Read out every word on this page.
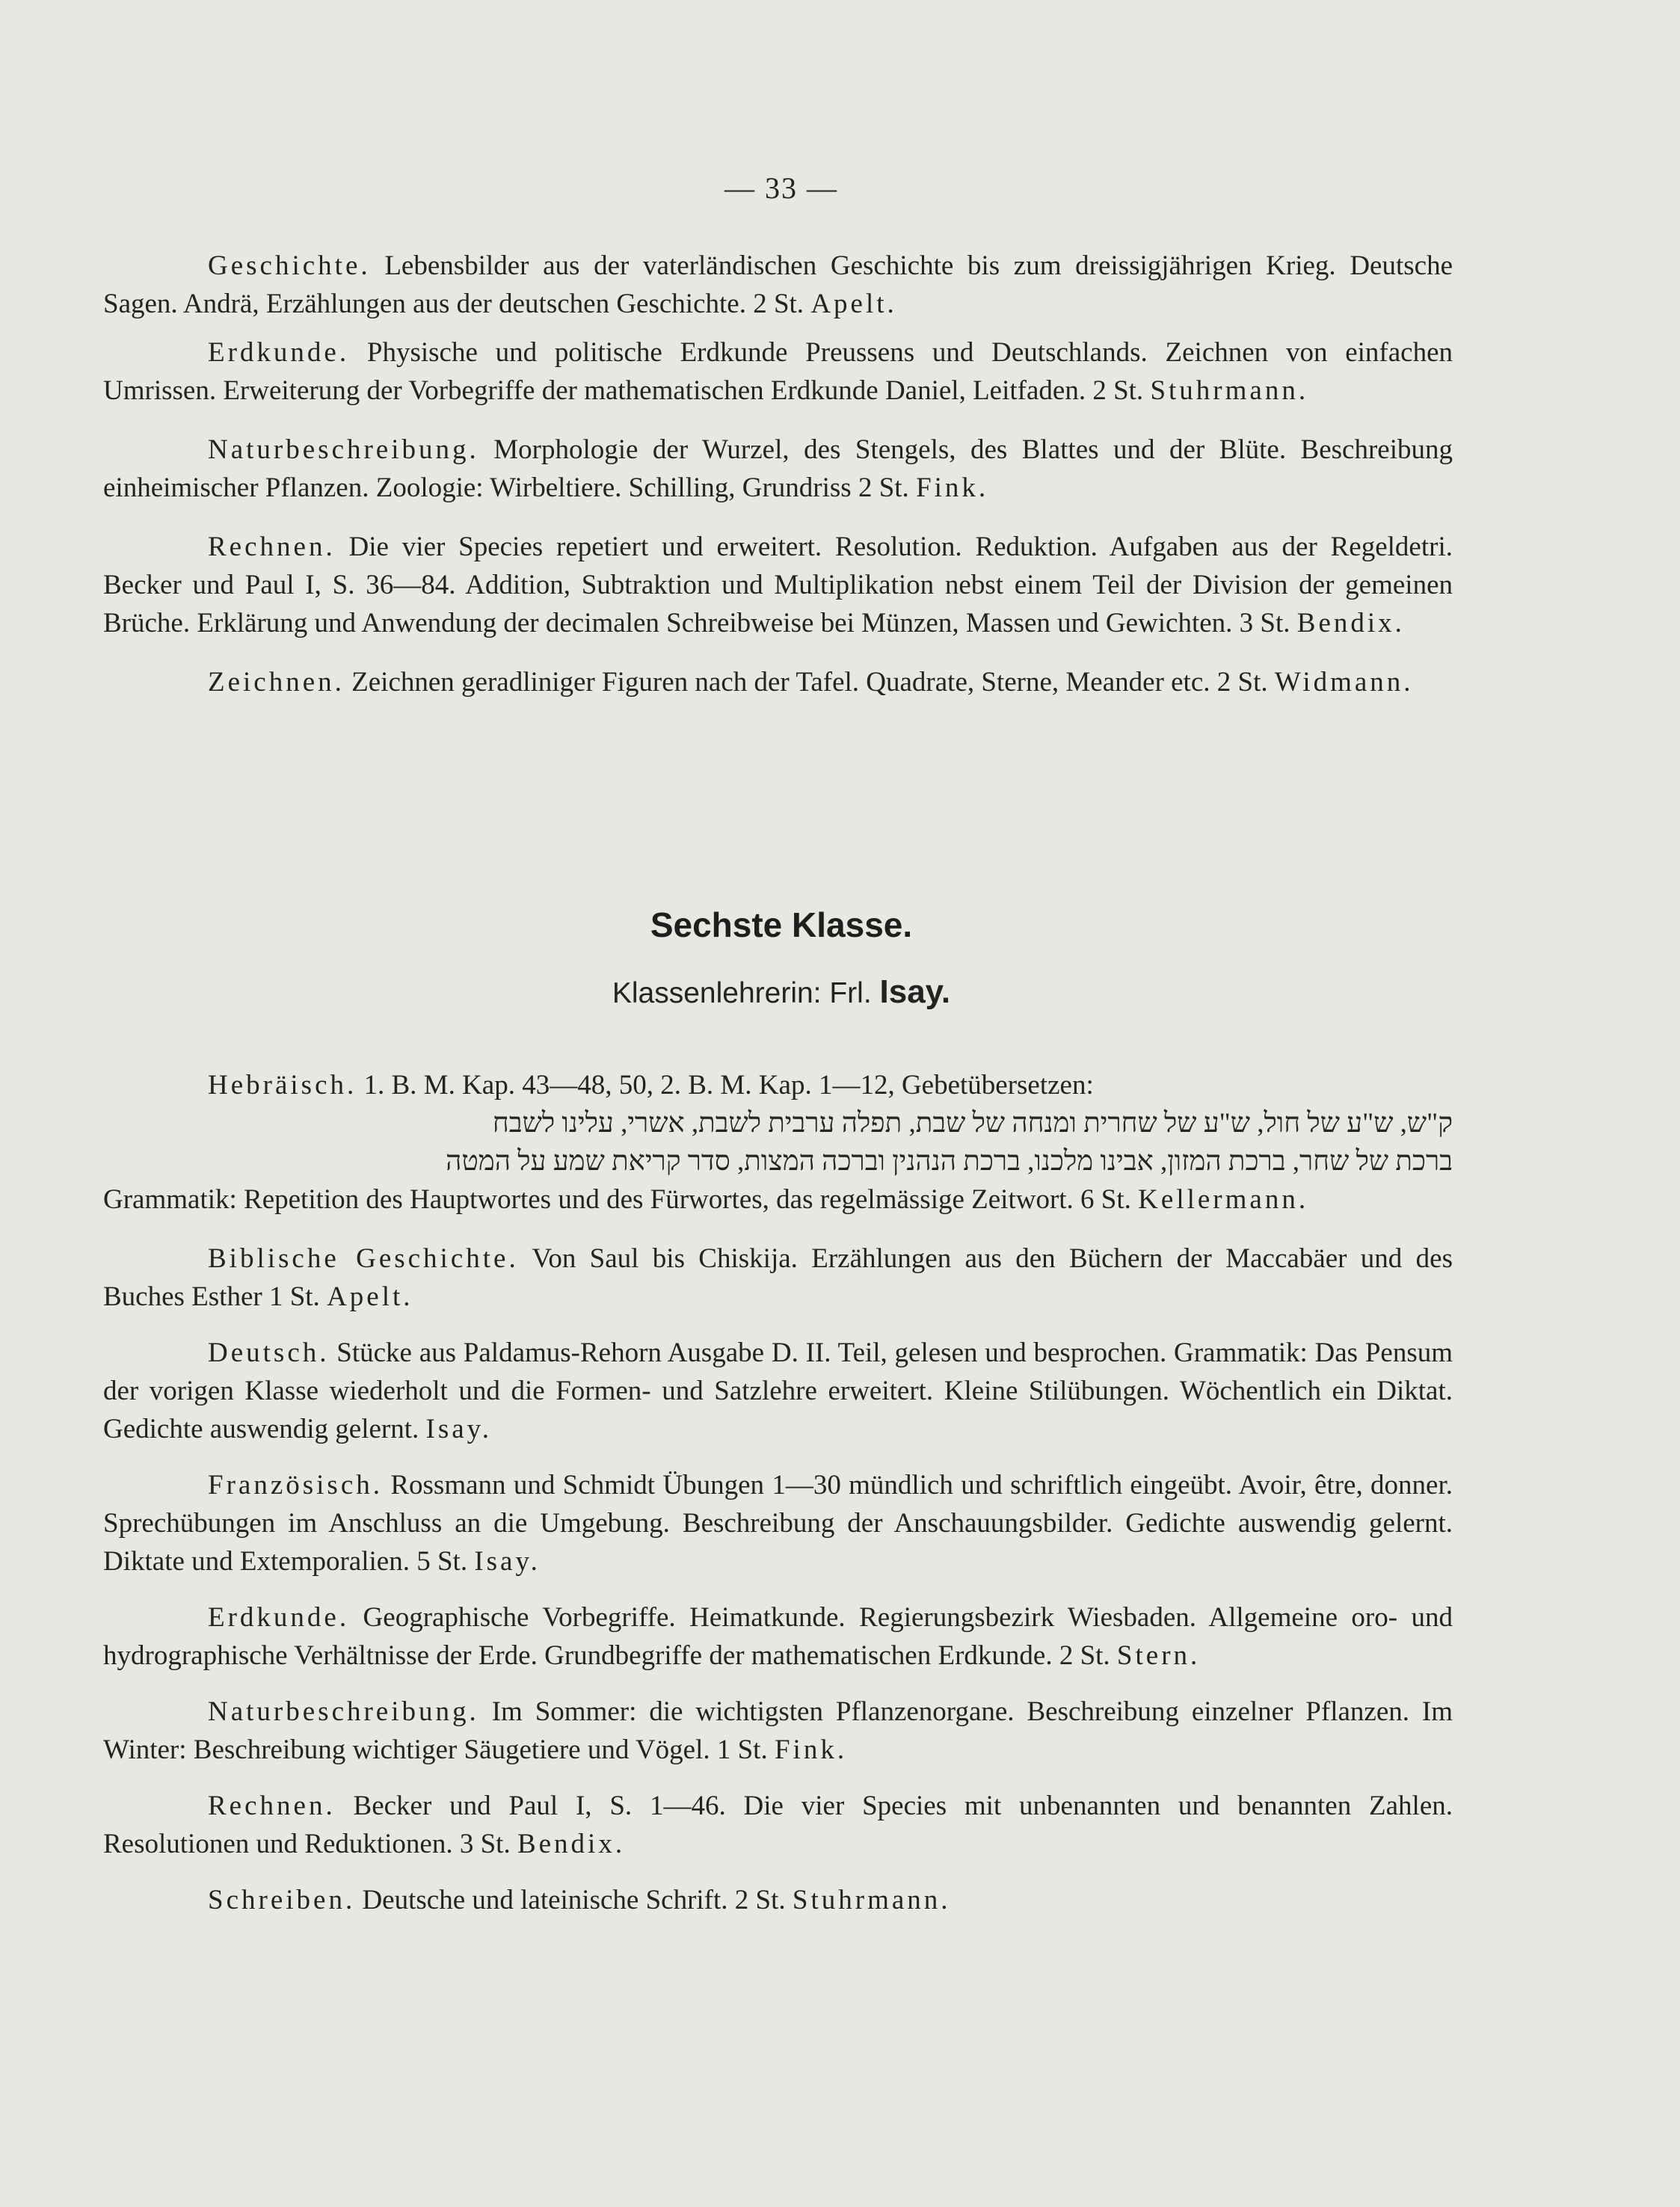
— 33 —

Geschichte. Lebensbilder aus der vaterländischen Geschichte bis zum dreissigjährigen Krieg. Deutsche Sagen. Andrä, Erzählungen aus der deutschen Geschichte. 2 St. Apelt.

Erdkunde. Physische und politische Erdkunde Preussens und Deutschlands. Zeichnen von einfachen Umrissen. Erweiterung der Vorbegriffe der mathematischen Erdkunde Daniel, Leitfaden. 2 St. Stuhrmann.

Naturbeschreibung. Morphologie der Wurzel, des Stengels, des Blattes und der Blüte. Beschreibung einheimischer Pflanzen. Zoologie: Wirbeltiere. Schilling, Grundriss 2 St. Fink.

Rechnen. Die vier Species repetiert und erweitert. Resolution. Reduktion. Aufgaben aus der Regeldetri. Becker und Paul I, S. 36—84. Addition, Subtraktion und Multiplikation nebst einem Teil der Division der gemeinen Brüche. Erklärung und Anwendung der decimalen Schreibweise bei Münzen, Massen und Gewichten. 3 St. Bendix.

Zeichnen. Zeichnen geradliniger Figuren nach der Tafel. Quadrate, Sterne, Meander etc. 2 St. Widmann.

Sechste Klasse.
Klassenlehrerin: Frl. Isay.

Hebräisch. 1. B. M. Kap. 43—48, 50, 2. B. M. Kap. 1—12, Gebetübersetzen:
ק"ש, ש"ע של חול, ש"ע של שחרית ומנחה של שבת, תפלה ערבית לשבת, אשרי, עלינו לשבח
ברכת של שחר, ברכת המזון, אבינו מלכנו, ברכת הנהנין וברכה המצות, סדר קריאת שמע על המטה
Grammatik: Repetition des Hauptwortes und des Fürwortes, das regelmässige Zeitwort. 6 St. Kellermann.

Biblische Geschichte. Von Saul bis Chiskija. Erzählungen aus den Büchern der Maccabäer und des Buches Esther 1 St. Apelt.

Deutsch. Stücke aus Paldamus-Rehorn Ausgabe D. II. Teil, gelesen und besprochen. Grammatik: Das Pensum der vorigen Klasse wiederholt und die Formen- und Satzlehre erweitert. Kleine Stilübungen. Wöchentlich ein Diktat. Gedichte auswendig gelernt. Isay.

Französisch. Rossmann und Schmidt Übungen 1—30 mündlich und schriftlich eingeübt. Avoir, être, donner. Sprechübungen im Anschluss an die Umgebung. Beschreibung der Anschauungsbilder. Gedichte auswendig gelernt. Diktate und Extemporalien. 5 St. Isay.

Erdkunde. Geographische Vorbegriffe. Heimatkunde. Regierungsbezirk Wiesbaden. Allgemeine oro- und hydrographische Verhältnisse der Erde. Grundbegriffe der mathematischen Erdkunde. 2 St. Stern.

Naturbeschreibung. Im Sommer: die wichtigsten Pflanzenorgane. Beschreibung einzelner Pflanzen. Im Winter: Beschreibung wichtiger Säugetiere und Vögel. 1 St. Fink.

Rechnen. Becker und Paul I, S. 1—46. Die vier Species mit unbenannten und benannten Zahlen. Resolutionen und Reduktionen. 3 St. Bendix.

Schreiben. Deutsche und lateinische Schrift. 2 St. Stuhrmann.
